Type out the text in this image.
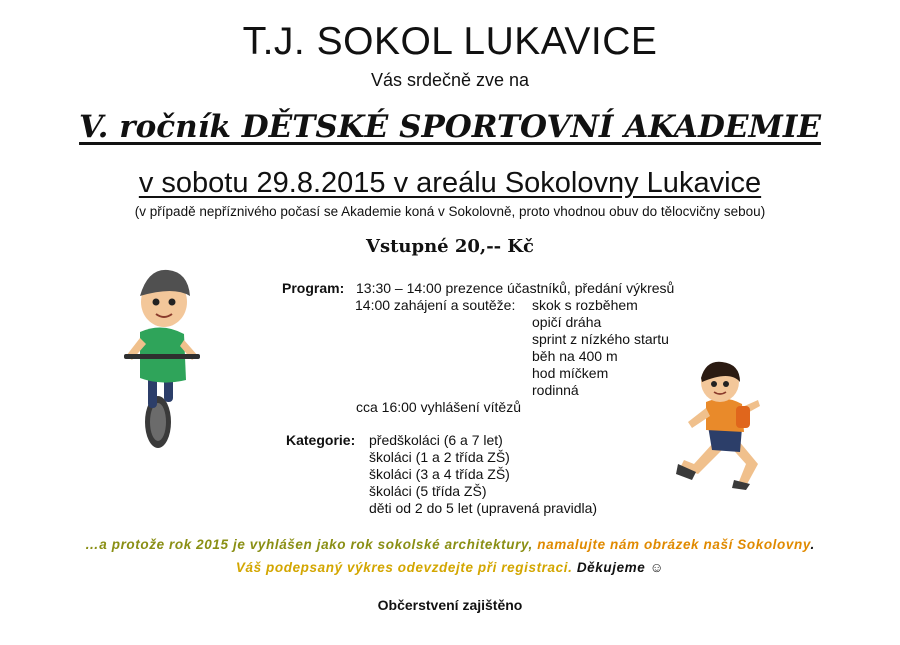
T.J. SOKOL LUKAVICE
Vás srdečně zve na
V. ročník DĚTSKÉ SPORTOVNÍ AKADEMIE
v sobotu 29.8.2015 v areálu Sokolovny Lukavice
(v případě nepříznivého počasí se Akademie koná v Sokolovně, proto vhodnou obuv do tělocvičny sebou)
Vstupné 20,-- Kč
Program: 13:30 – 14:00 prezence účastníků, předání výkresů
14:00 zahájení a soutěže: skok s rozběhem
opičí dráha
sprint z nízkého startu
běh na 400 m
hod míčkem
rodinná
cca 16:00 vyhlášení vítězů
Kategorie: předškoláci (6 a 7 let)
školáci (1 a 2 třída ZŠ)
školáci (3 a 4 třída ZŠ)
školáci (5 třída ZŠ)
děti od 2 do 5 let (upravená pravidla)
…a protože rok 2015 je vyhlášen jako rok sokolské architektury, namalujte nám obrázek naší Sokolovny.
Váš podepsaný výkres odevzdejte při registraci. Děkujeme ☺
Občerstvení zajištěno
